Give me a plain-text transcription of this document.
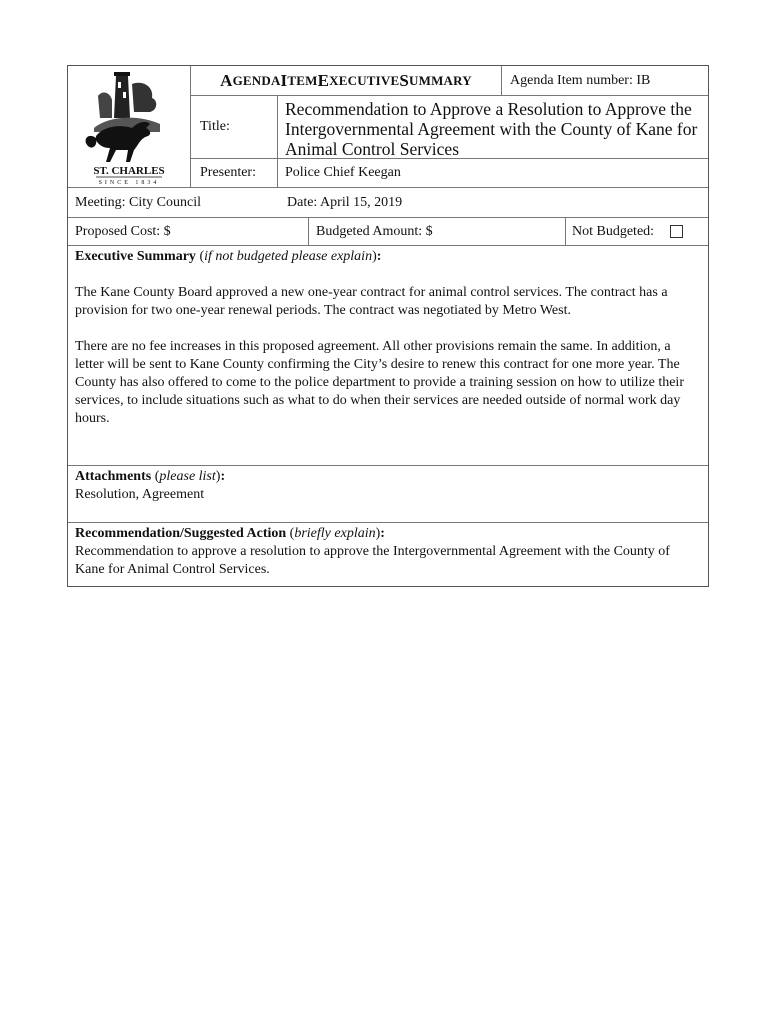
ST. CHARLES
SINCE 1834
A GENDA I TEM E XECUTIVE S UMMARY	Agenda Item number: IB
Title:
Recommendation to Approve a Resolution to Approve the Intergovernmental Agreement with the County of Kane for Animal Control Services
Presenter:	Police Chief Keegan
Meeting: City Council	Date: April 15, 2019
Proposed Cost: $	Budgeted Amount: $	Not Budgeted:

Executive Summary (if not budgeted please explain):

The Kane County Board approved a new one-year contract for animal control services. The contract has a provision for two one-year renewal periods. The contract was negotiated by Metro West.

There are no fee increases in this proposed agreement. All other provisions remain the same. In addition, a letter will be sent to Kane County confirming the City’s desire to renew this contract for one more year. The County has also offered to come to the police department to provide a training session on how to utilize their services, to include situations such as what to do when their services are needed outside of normal work day hours.

Attachments (please list):

Resolution, Agreement

Recommendation/Suggested Action (briefly explain):

Recommendation to approve a resolution to approve the Intergovernmental Agreement with the County of Kane for Animal Control Services.
